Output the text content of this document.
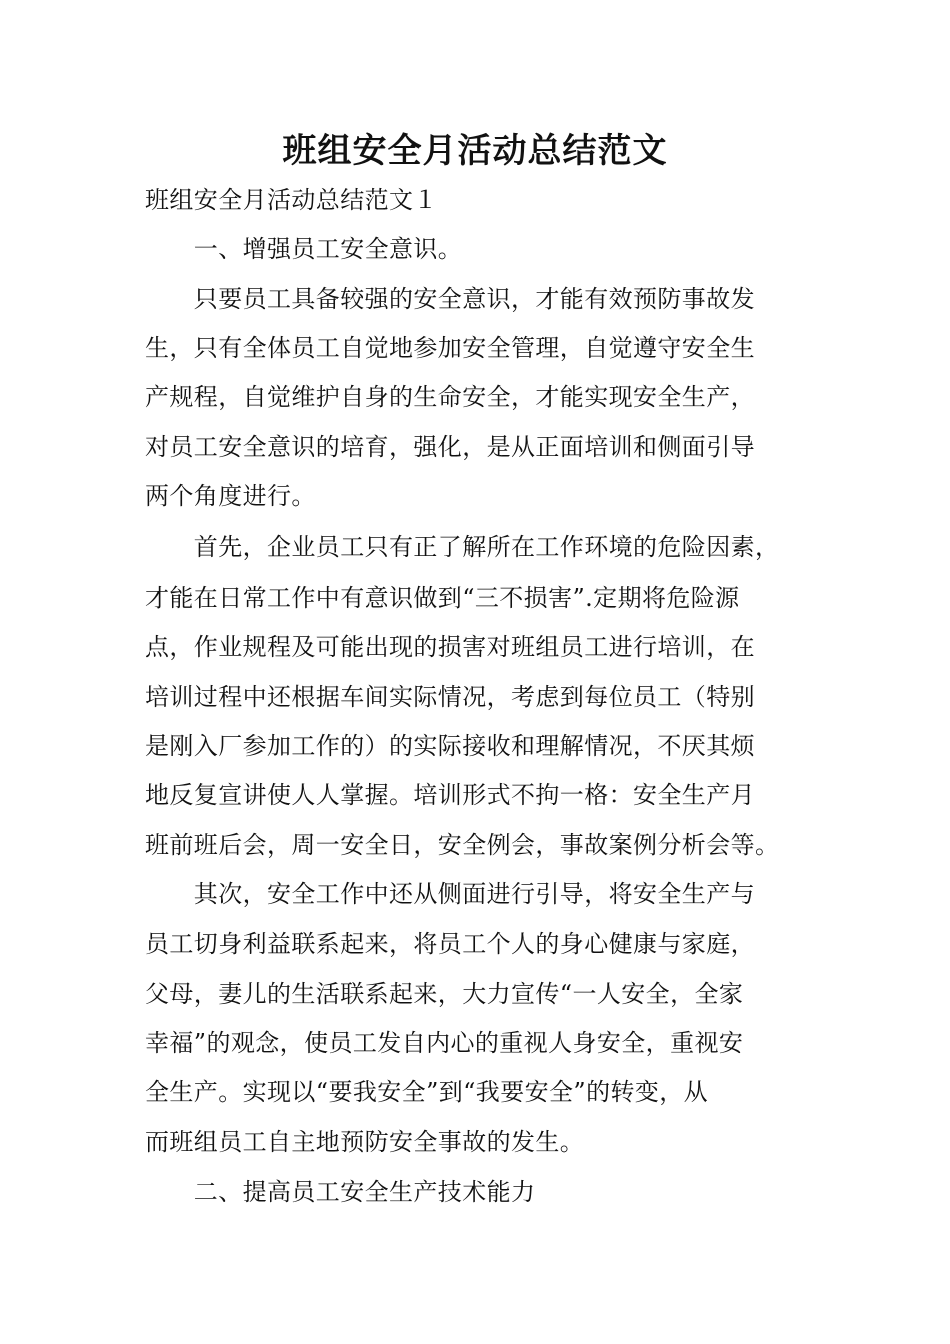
班组安全月活动总结范文
班组安全月活动总结范文１
　　一、增强员工安全意识。
　　只要员工具备较强的安全意识，才能有效预防事故发
生，只有全体员工自觉地参加安全管理，自觉遵守安全生
产规程，自觉维护自身的生命安全，才能实现安全生产，
对员工安全意识的培育，强化，是从正面培训和侧面引导
两个角度进行。
　　首先，企业员工只有正了解所在工作环境的危险因素，
才能在日常工作中有意识做到“三不损害”.定期将危险源
点，作业规程及可能出现的损害对班组员工进行培训，在
培训过程中还根据车间实际情况，考虑到每位员工（特别
是刚入厂参加工作的）的实际接收和理解情况，不厌其烦
地反复宣讲使人人掌握。培训形式不拘一格：安全生产月
班前班后会，周一安全日，安全例会，事故案例分析会等。
　　其次，安全工作中还从侧面进行引导，将安全生产与
员工切身利益联系起来，将员工个人的身心健康与家庭，
父母，妻儿的生活联系起来，大力宣传“一人安全，全家
幸福”的观念，使员工发自内心的重视人身安全，重视安
全生产。实现以“要我安全”到“我要安全”的转变，从
而班组员工自主地预防安全事故的发生。
　　二、提高员工安全生产技术能力
